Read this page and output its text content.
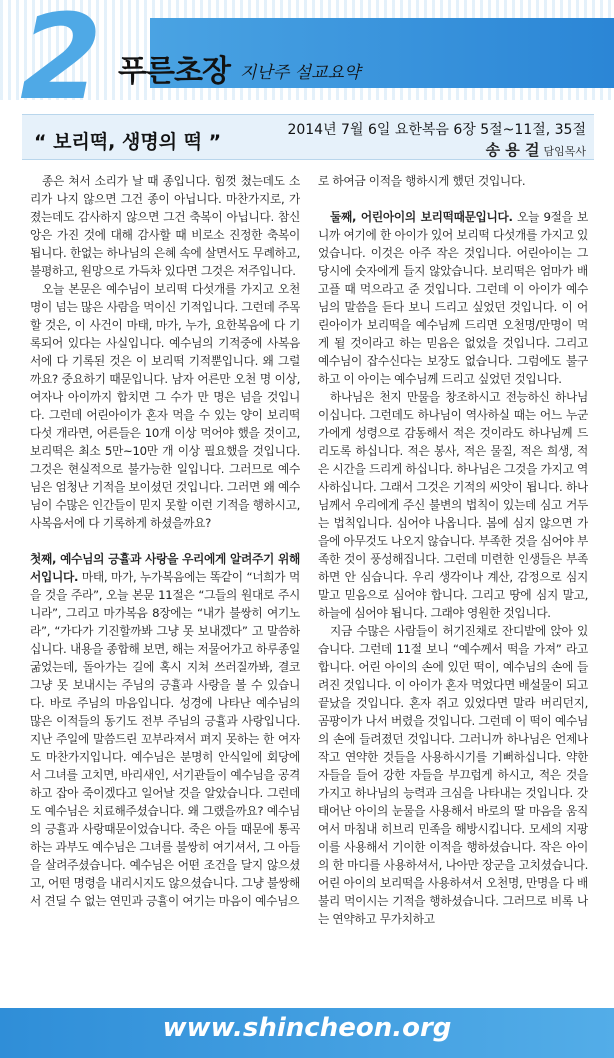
2 푸른초장 지난주 설교요약
“ 보리떡, 생명의 떡 ”
2014년 7월 6일 요한복음 6장 5절~11절, 35절
송 용 걸 담임목사

종은 쳐서 소리가 날 때 종입니다. 힘껏 쳤는데도 소리가 나지 않으면 그건 종이 아닙니다. 마찬가지로, 가졌는데도 감사하지 않으면 그건 축복이 아닙니다. 참신앙은 가진 것에 대해 감사할 때 비로소 진정한 축복이 됩니다. 한없는 하나님의 은혜 속에 살면서도 무례하고, 불평하고, 원망으로 가득차 있다면 그것은 저주입니다.

오늘 본문은 예수님이 보리떡 다섯개를 가지고 오천명이 넘는 많은 사람을 먹이신 기적입니다. 그런데 주목할 것은, 이 사건이 마태, 마가, 누가, 요한복음에 다 기록되어 있다는 사실입니다. 예수님의 기적중에 사복음서에 다 기록된 것은 이 보리떡 기적뿐입니다. 왜 그럴까요? 중요하기 때문입니다. 남자 어른만 오천 명 이상, 여자나 아이까지 합치면 그 수가 만 명은 넘을 것입니다. 그런데 어린아이가 혼자 먹을 수 있는 양이 보리떡 다섯 개라면, 어른들은 10개 이상 먹어야 했을 것이고, 보리떡은 최소 5만~10만 개 이상 필요했을 것입니다. 그것은 현실적으로 불가능한 일입니다. 그러므로 예수님은 엄청난 기적을 보이셨던 것입니다. 그러면 왜 예수님이 수많은 인간들이 믿지 못할 이런 기적을 행하시고, 사복음서에 다 기록하게 하셨을까요?

첫째, 예수님의 긍휼과 사랑을 우리에게 알려주기 위해서입니다. 마태, 마가, 누가복음에는 똑같이 “너희가 먹을 것을 주라”, 오늘 본문 11절은 “그들의 원대로 주시니라”, 그리고 마가복음 8장에는 “내가 불쌍히 여기노라”, “가다가 기진할까봐 그냥 못 보내겠다” 고 말씀하십니다. 내용을 종합해 보면, 해는 저물어가고 하루종일 굶었는데, 돌아가는 길에 혹시 지쳐 쓰러질까봐, 결코 그냥 못 보내시는 주님의 긍휼과 사랑을 볼 수 있습니다. 바로 주님의 마음입니다. 성경에 나타난 예수님의 많은 이적들의 동기도 전부 주님의 긍휼과 사랑입니다. 지난 주일에 말씀드린 꼬부라져서 펴지 못하는 한 여자도 마찬가지입니다. 예수님은 분명히 안식일에 회당에서 그녀를 고치면, 바리새인, 서기관들이 예수님을 공격하고 잡아 죽이겠다고 일어날 것을 알았습니다. 그런데도 예수님은 치료해주셨습니다. 왜 그랬을까요? 예수님의 긍휼과 사랑때문이었습니다. 죽은 아들 때문에 통곡하는 과부도 예수님은 그녀를 불쌍히 여기셔서, 그 아들을 살려주셨습니다. 예수님은 어떤 조건을 달지 않으셨고, 어떤 명령을 내리시지도 않으셨습니다. 그냥 불쌍해서 견딜 수 없는 연민과 긍휼이 여기는 마음이 예수님으

로 하여금 이적을 행하시게 했던 것입니다.

둘째, 어린아이의 보리떡때문입니다. 오늘 9절을 보니까 여기에 한 아이가 있어 보리떡 다섯개를 가지고 있었습니다. 이것은 아주 작은 것입니다. 어린아이는 그 당시에 숫자에게 들지 않았습니다. 보리떡은 엄마가 배고플 때 먹으라고 준 것입니다. 그런데 이 아이가 예수님의 말씀을 듣다 보니 드리고 싶었던 것입니다. 이 어린아이가 보리떡을 예수님께 드리면 오천명/만명이 먹게 될 것이라고 하는 믿음은 없었을 것입니다. 그리고 예수님이 잡수신다는 보장도 없습니다. 그럼에도 불구하고 이 아이는 예수님께 드리고 싶었던 것입니다.

하나님은 천지 만물을 창조하시고 전능하신 하나님이십니다. 그런데도 하나님이 역사하실 때는 어느 누군가에게 성령으로 감동해서 적은 것이라도 하나님께 드리도록 하십니다. 적은 봉사, 적은 물질, 적은 희생, 적은 시간을 드리게 하십니다. 하나님은 그것을 가지고 역사하십니다. 그래서 그것은 기적의 씨앗이 됩니다. 하나님께서 우리에게 주신 불변의 법칙이 있는데 심고 거두는 법칙입니다. 심어야 나옵니다. 봄에 심지 않으면 가을에 아무것도 나오지 않습니다. 부족한 것을 심어야 부족한 것이 풍성해집니다. 그런데 미련한 인생들은 부족하면 안 심습니다. 우리 생각이나 계산, 감정으로 심지 말고 믿음으로 심어야 합니다. 그리고 땅에 심지 말고, 하늘에 심어야 됩니다. 그래야 영원한 것입니다.

지금 수많은 사람들이 허기진채로 잔디밭에 앉아 있습니다. 그런데 11절 보니 “예수께서 떡을 가져” 라고 합니다. 어린 아이의 손에 있던 떡이, 예수님의 손에 들려진 것입니다. 이 아이가 혼자 먹었다면 배설물이 되고 끝났을 것입니다. 혼자 쥐고 있었다면 말라 버리던지, 곰팡이가 나서 버렸을 것입니다. 그런데 이 떡이 예수님의 손에 들려졌던 것입니다. 그러니까 하나님은 언제나 작고 연약한 것들을 사용하시기를 기뻐하십니다. 약한 자들을 들어 강한 자들을 부끄럽게 하시고, 적은 것을 가지고 하나님의 능력과 크심을 나타내는 것입니다. 갓 태어난 아이의 눈물을 사용해서 바로의 딸 마음을 움직여서 마침내 히브리 민족을 해방시킵니다. 모세의 지팡이를 사용해서 기이한 이적을 행하셨습니다. 작은 아이의 한 마디를 사용하셔서, 나아만 장군을 고치셨습니다. 어린 아이의 보리떡을 사용하셔서 오천명, 만명을 다 배불리 먹이시는 기적을 행하셨습니다. 그러므로 비록 나는 연약하고 무가치하고

www.shincheon.org
